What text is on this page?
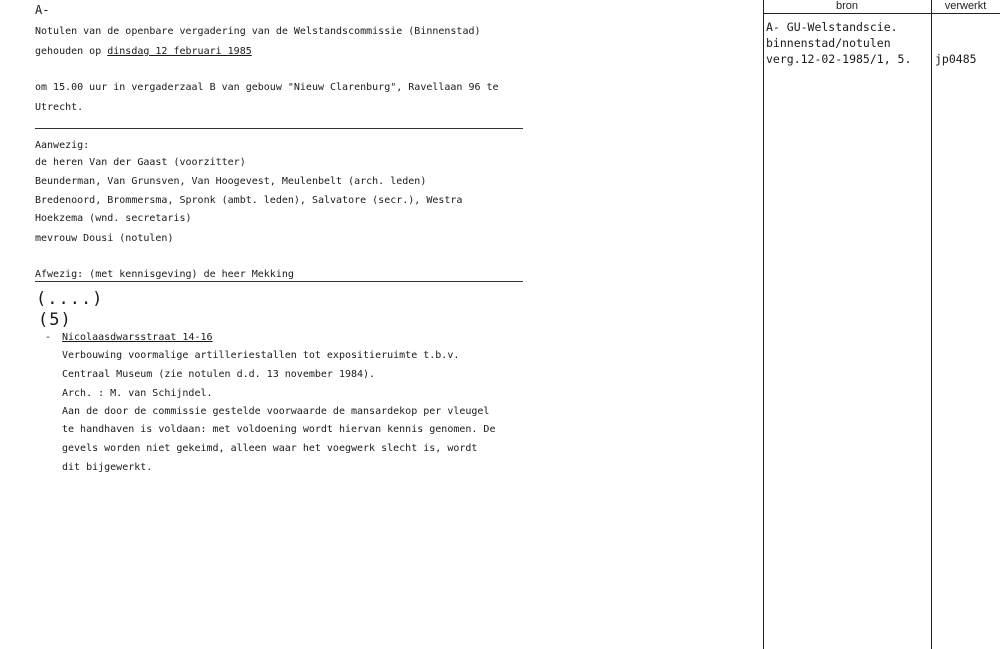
A-
Notulen van de openbare vergadering van de Welstandscommissie (Binnenstad)
gehouden op dinsdag 12 februari 1985
om 15.00 uur in vergaderzaal B van gebouw "Nieuw Clarenburg", Ravellaan 96 te
Utrecht.
Aanwezig:
de heren Van der Gaast (voorzitter)
Beunderman, Van Grunsven, Van Hoogevest, Meulenbelt (arch. leden)
Bredenoord, Brommersma, Spronk (ambt. leden), Salvatore (secr.), Westra
Hoekzema (wnd. secretaris)
mevrouw Dousi (notulen)
Afwezig: (met kennisgeving) de heer Mekking
(....)
(5)
- Nicolaasdwarsstraat 14-16
Verbouwing voormalige artilleriestallen tot expositieruimte t.b.v.
Centraal Museum (zie notulen d.d. 13 november 1984).
Arch. : M. van Schijndel.
Aan de door de commissie gestelde voorwaarde de mansardekop per vleugel
te handhaven is voldaan: met voldoening wordt hiervan kennis genomen. De
gevels worden niet gekeimd, alleen waar het voegwerk slecht is, wordt
dit bijgewerkt.
bron	verwerkt
A- GU-Welstandscie.
binnenstad/notulen
verg.12-02-1985/1, 5. jp0485
